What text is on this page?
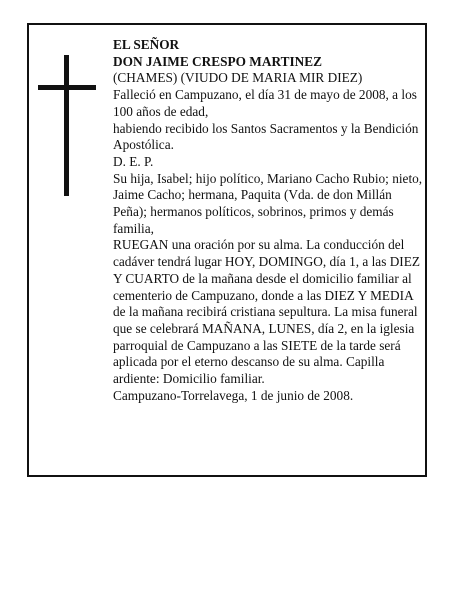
EL SEÑOR

DON JAIME CRESPO MARTINEZ

(CHAMES) (VIUDO DE MARIA MIR DIEZ)

Falleció en Campuzano, el día 31 de mayo de 2008, a los 100 años de edad,

habiendo recibido los Santos Sacramentos y la Bendición Apostólica.

D. E. P.

Su hija, Isabel; hijo político, Mariano Cacho Rubio; nieto, Jaime Cacho; hermana, Paquita (Vda. de don Millán Peña); hermanos políticos, sobrinos, primos y demás familia,

RUEGAN una oración por su alma. La conducción del cadáver tendrá lugar HOY, DOMINGO, día 1, a las DIEZ Y CUARTO de la mañana desde el domicilio familiar al cementerio de Campuzano, donde a las DIEZ Y MEDIA de la mañana recibirá cristiana sepultura. La misa funeral que se celebrará MAÑANA, LUNES, día 2, en la iglesia parroquial de Campuzano a las SIETE de la tarde será aplicada por el eterno descanso de su alma. Capilla ardiente: Domicilio familiar.

Campuzano-Torrelavega, 1 de junio de 2008.
